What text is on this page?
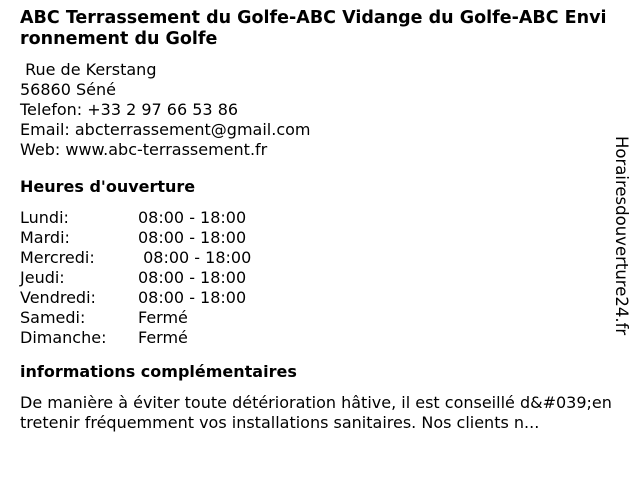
ABC Terrassement du Golfe-ABC Vidange du Golfe-ABC Environnement du Golfe
Rue de Kerstang
56860 Séné
Telefon: +33 2 97 66 53 86
Email: abcterrassement@gmail.com
Web: www.abc-terrassement.fr
Heures d'ouverture
Lundi:	08:00 - 18:00
Mardi:	08:00 - 18:00
Mercredi:	08:00 - 18:00
Jeudi:	08:00 - 18:00
Vendredi:	08:00 - 18:00
Samedi:	Fermé
Dimanche:	Fermé
informations complémentaires
De manière à éviter toute détérioration hâtive, il est conseillé d&#039;entretenir fréquemment vos installations sanitaires. Nos clients n...
Horairesdouverture24.fr
